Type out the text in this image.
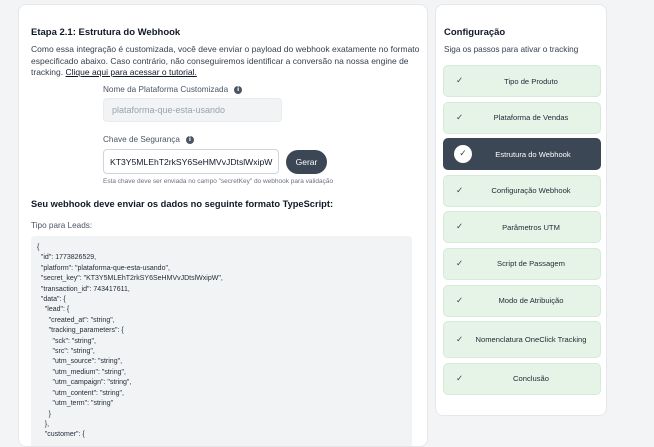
Etapa 2.1: Estrutura do Webhook
Como essa integração é customizada, você deve enviar o payload do webhook exatamente no formato especificado abaixo. Caso contrário, não conseguiremos identificar a conversão na nossa engine de tracking. Clique aqui para acessar o tutorial.
Nome da Plataforma Customizada	i
plataforma-que-esta-usando
Chave de Segurança	i
KT3Y5MLEhT2rkSY6SeHMVvJDtslWxipW	Gerar
Esta chave deve ser enviada no campo "secretKey" do webhook para validação
Seu webhook deve enviar os dados no seguinte formato TypeScript:
Tipo para Leads:
{
"id": 1773826529,
"platform": "plataforma-que-esta-usando",
"secret_key": "KT3Y5MLEhT2rkSY6SeHMVvJDtslWxipW",
"transaction_id": 743417611,
"data": {
"lead": {
"created_at": "string",
"tracking_parameters": {
"sck": "string",
"src": "string",
"utm_source": "string",
"utm_medium": "string",
"utm_campaign": "string",
"utm_content": "string",
"utm_term": "string"
}
},
"customer": {
Configuração
Siga os passos para ativar o tracking
✓	Tipo de Produto
✓	Plataforma de Vendas
✓	Estrutura do Webhook
✓	Configuração Webhook
✓	Parâmetros UTM
✓	Script de Passagem
✓	Modo de Atribuição
✓	Nomenclatura OneClick Tracking
✓	Conclusão
